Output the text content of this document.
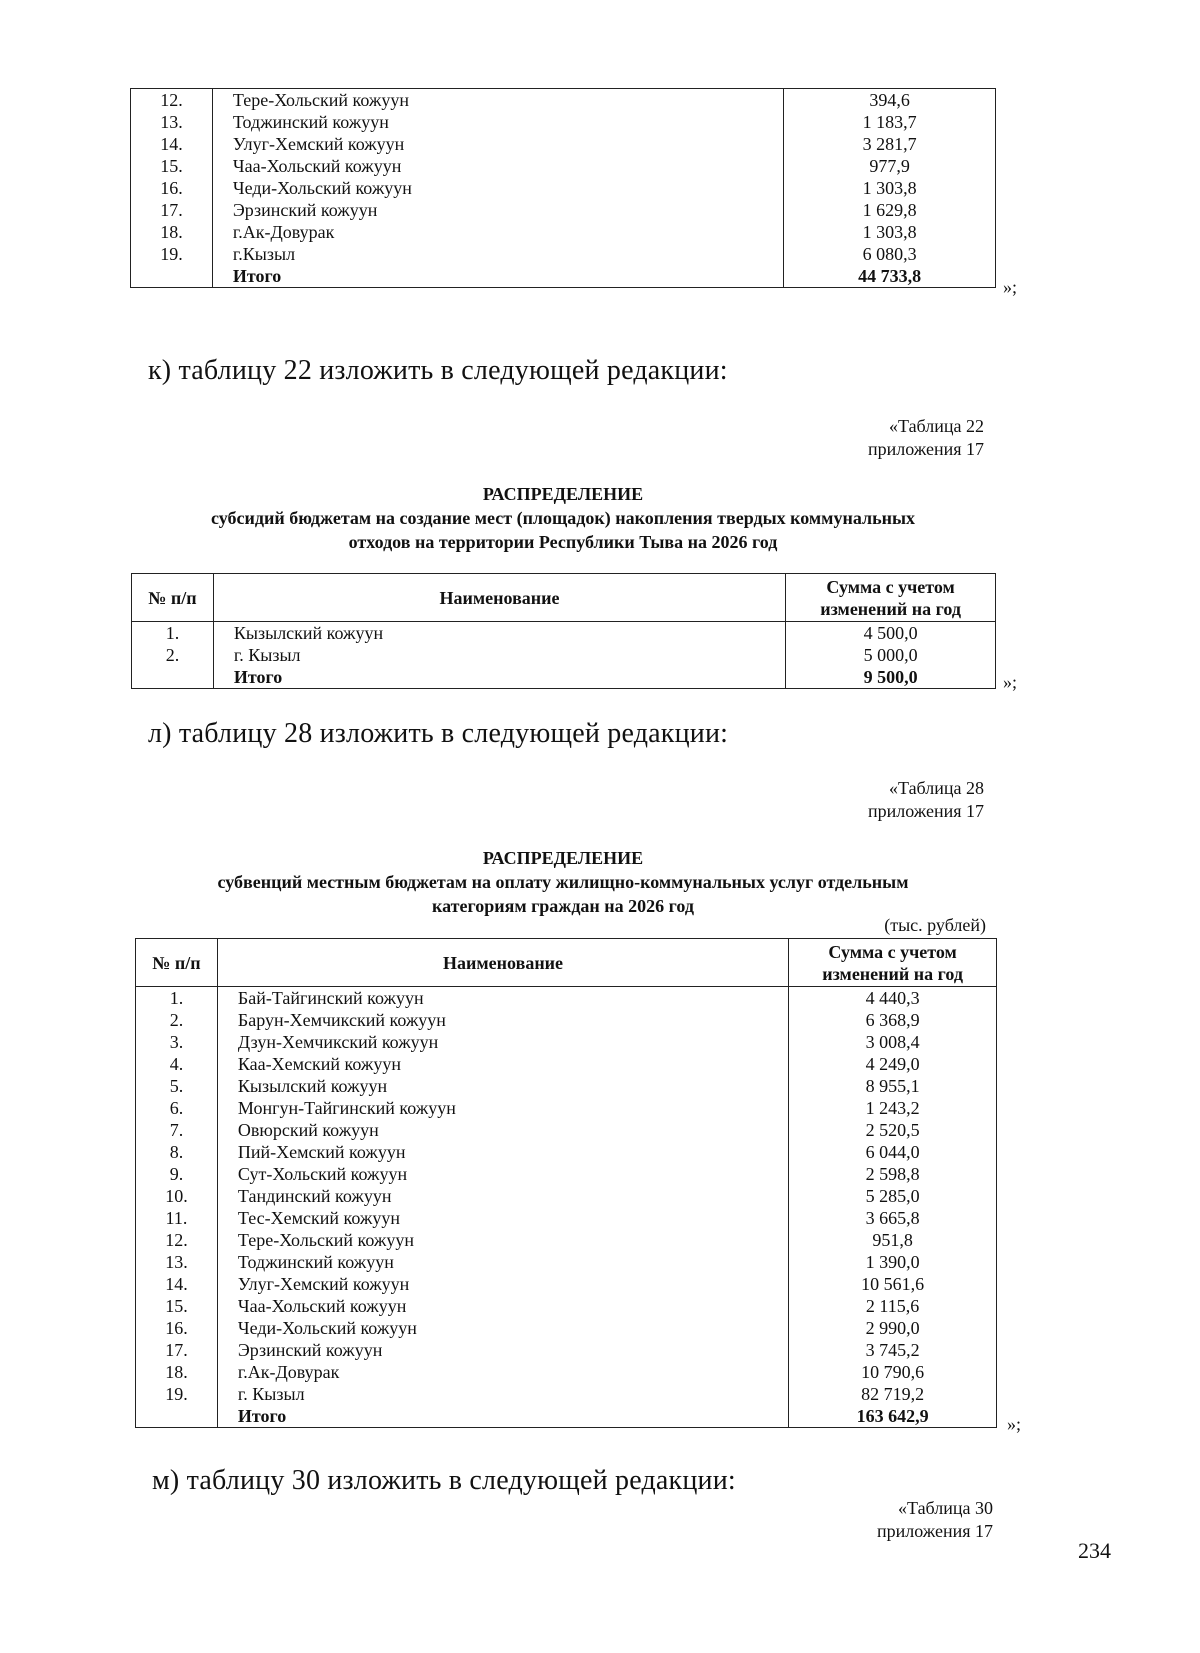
12.	Тере-Хольский кожуун	394,6
13.	Тоджинский кожуун	1 183,7
14.	Улуг-Хемский кожуун	3 281,7
15.	Чаа-Хольский кожуун	977,9
16.	Чеди-Хольский кожуун	1 303,8
17.	Эрзинский кожуун	1 629,8
18.	г.Ак-Довурак	1 303,8
19.	г.Кызыл	6 080,3
	Итого	44 733,8
»;
к) таблицу 22 изложить в следующей редакции:
«Таблица 22
приложения 17
РАСПРЕДЕЛЕНИЕ
субсидий бюджетам на создание мест (площадок) накопления твердых коммунальных
отходов на территории Республики Тыва на 2026 год
№ п/п	Наименование	Сумма с учетом
изменений на год

1.	Кызылский кожуун	4 500,0
2.	г. Кызыл	5 000,0
	Итого	9 500,0	»;
л) таблицу 28 изложить в следующей редакции:
«Таблица 28
приложения 17
РАСПРЕДЕЛЕНИЕ
субвенций местным бюджетам на оплату жилищно-коммунальных услуг отдельным
категориям граждан на 2026 год
(тыс. рублей)
№ п/п	Наименование	Сумма с учетом
изменений на год

1.	Бай-Тайгинский кожуун	4 440,3
2.	Барун-Хемчикский кожуун	6 368,9
3.	Дзун-Хемчикский кожуун	3 008,4
4.	Каа-Хемский кожуун	4 249,0
5.	Кызылский кожуун	8 955,1
6.	Монгун-Тайгинский кожуун	1 243,2
7.	Овюрский кожуун	2 520,5
8.	Пий-Хемский кожуун	6 044,0
9.	Сут-Хольский кожуун	2 598,8
10.	Тандинский кожуун	5 285,0
11.	Тес-Хемский кожуун	3 665,8
12.	Тере-Хольский кожуун	951,8
13.	Тоджинский кожуун	1 390,0
14.	Улуг-Хемский кожуун	10 561,6
15.	Чаа-Хольский кожуун	2 115,6
16.	Чеди-Хольский кожуун	2 990,0
17.	Эрзинский кожуун	3 745,2
18.	г.Ак-Довурак	10 790,6
19.	г. Кызыл	82 719,2
	Итого	163 642,9	»;
м) таблицу 30 изложить в следующей редакции:
«Таблица 30
приложения 17
234
